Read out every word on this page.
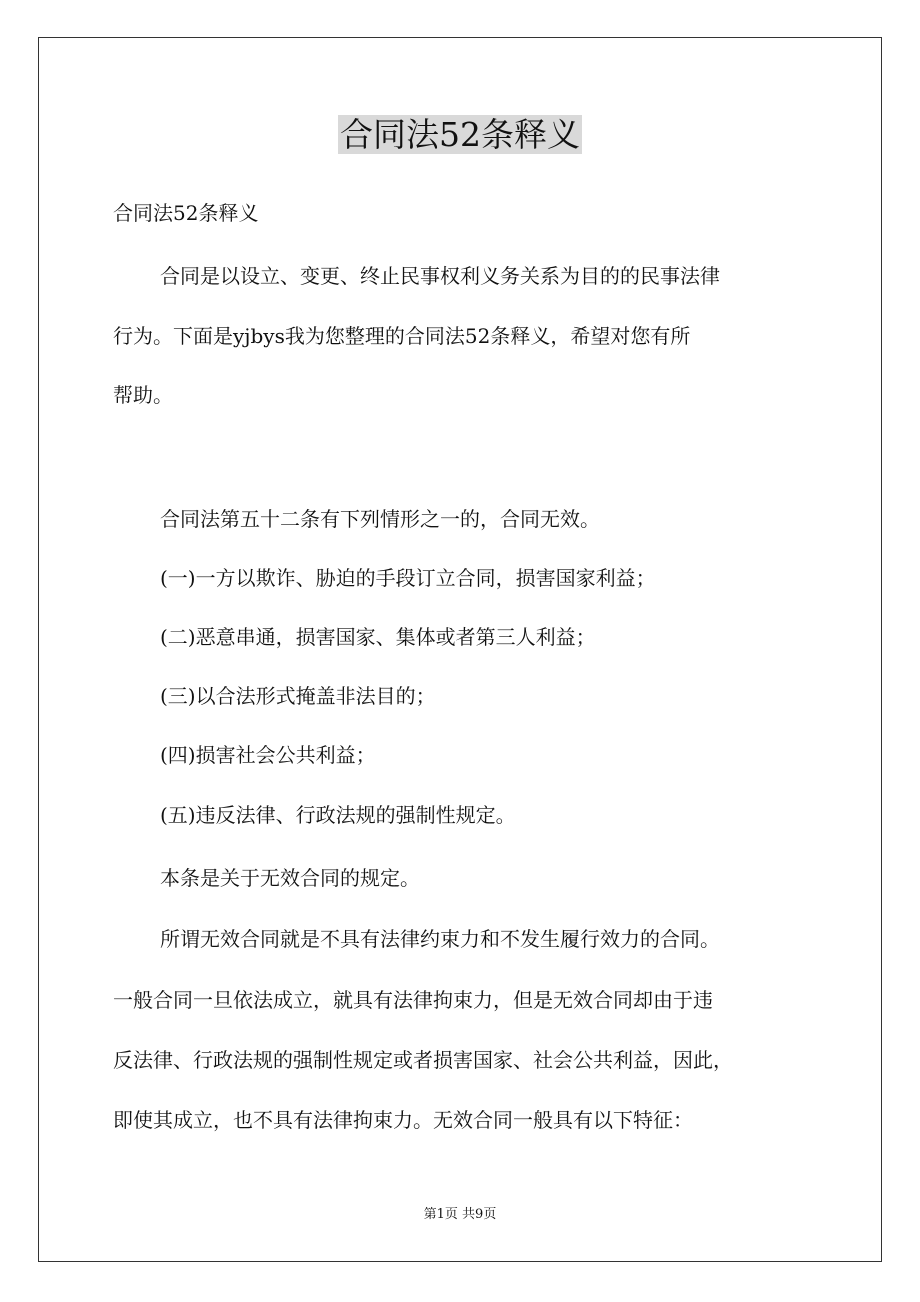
合同法52条释义

合同法52条释义

合同是以设立、变更、终止民事权利义务关系为目的的民事法律

行为。下面是yjbys我为您整理的合同法52条释义，希望对您有所

帮助。

合同法第五十二条有下列情形之一的，合同无效。

(一)一方以欺诈、胁迫的手段订立合同，损害国家利益；

(二)恶意串通，损害国家、集体或者第三人利益；

(三)以合法形式掩盖非法目的；

(四)损害社会公共利益；

(五)违反法律、行政法规的强制性规定。

本条是关于无效合同的规定。

所谓无效合同就是不具有法律约束力和不发生履行效力的合同。

一般合同一旦依法成立，就具有法律拘束力，但是无效合同却由于违

反法律、行政法规的强制性规定或者损害国家、社会公共利益，因此，

即使其成立，也不具有法律拘束力。无效合同一般具有以下特征：

第1页 共9页
